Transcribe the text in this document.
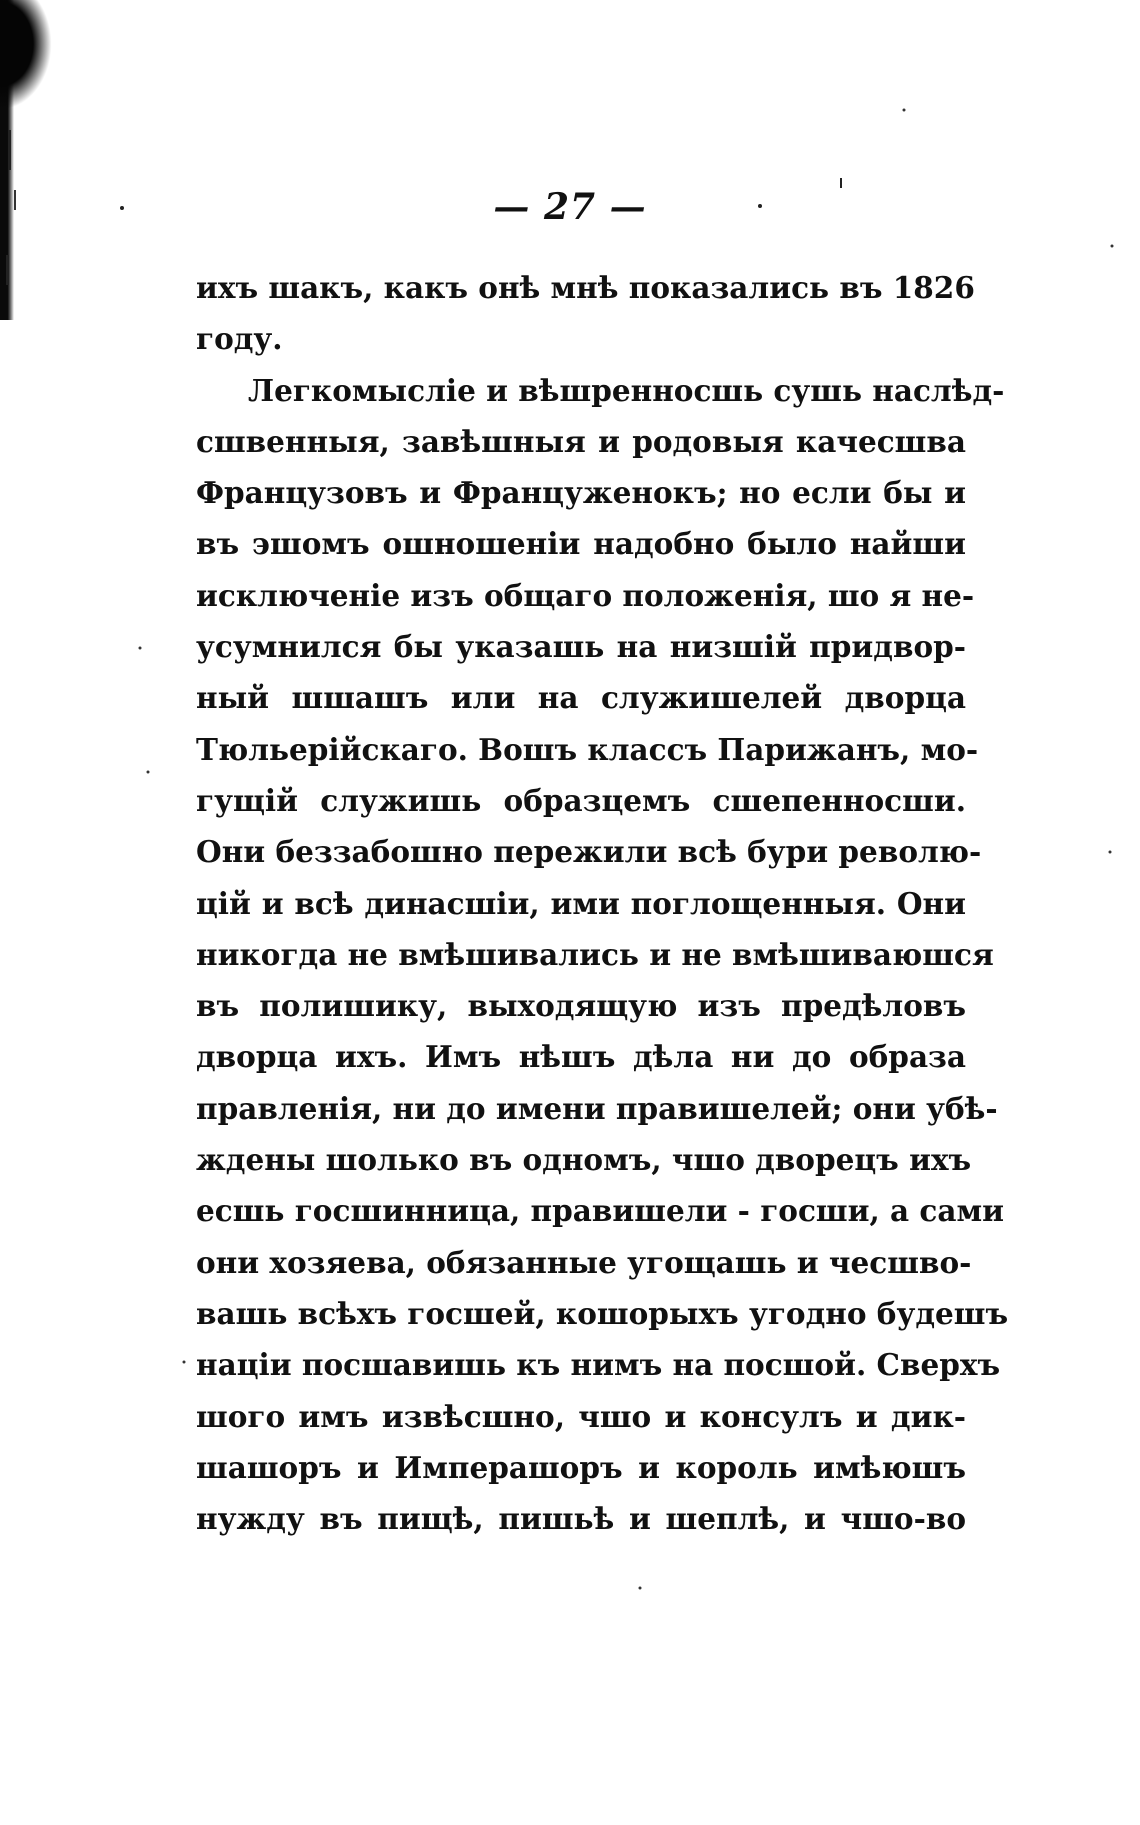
— 27 —
ихъ шакъ, какъ онѣ мнѣ показались въ 1826
году.
Легкомысліе и вѣшренносшь сушь наслѣд-
сшвенныя, завѣшныя и родовыя качесшва
Французовъ и Француженокъ; но если бы и
въ эшомъ ошношеніи надобно было найши
исключеніе изъ общаго положенія, шо я не-
усумнился бы указашь на низшій придвор-
ный шшашъ или на служишелей дворца
Тюльерійскаго. Вошъ классъ Парижанъ, мо-
гущій служишь образцемъ сшепенносши.
Они беззабошно пережили всѣ бури револю-
цій и всѣ динасшіи, ими поглощенныя. Они
никогда не вмѣшивались и не вмѣшиваюшся
въ полишику, выходящую изъ предѣловъ
дворца ихъ. Имъ нѣшъ дѣла ни до образа
правленія, ни до имени правишелей; они убѣ-
ждены шолько въ одномъ, чшо дворецъ ихъ
есшь госшинница, правишели - госши, а сами
они хозяева, обязанные угощашь и чесшво-
вашь всѣхъ госшей, кошорыхъ угодно будешъ
націи посшавишь къ нимъ на посшой. Сверхъ
шого имъ извѣсшно, чшо и консулъ и дик-
шашоръ и Имперашоръ и король имѣюшъ
нужду въ пищѣ, пишьѣ и шеплѣ, и чшо-во
